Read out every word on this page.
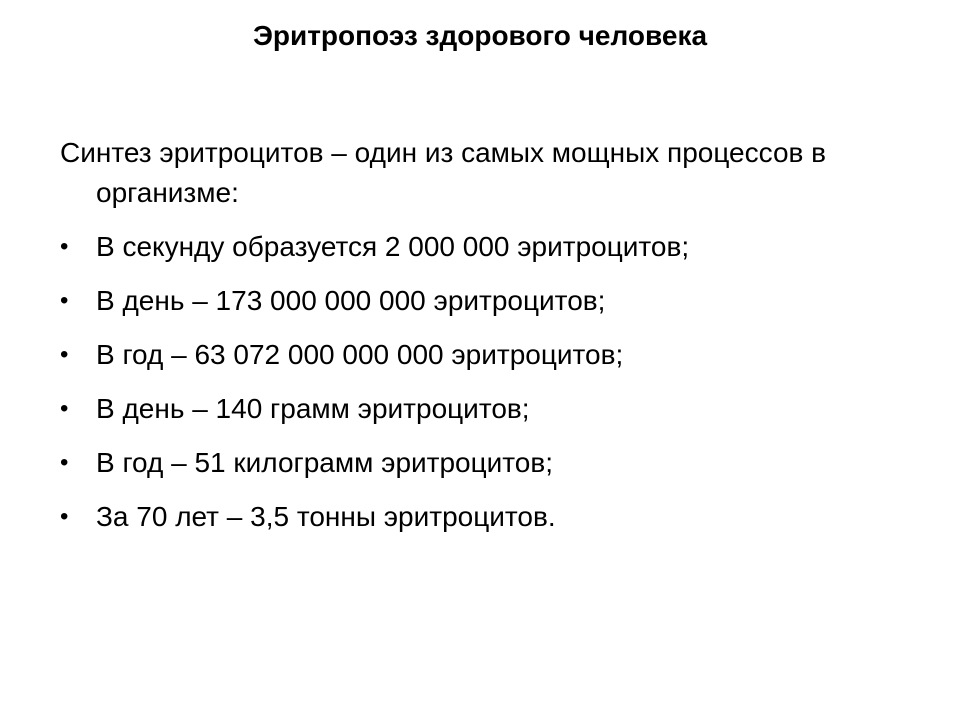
Эритропоэз здорового человека

Синтез эритроцитов – один из самых мощных процессов в организме:

• В секунду образуется 2 000 000 эритроцитов;
• В день – 173 000 000 000 эритроцитов;
• В год – 63 072 000 000 000 эритроцитов;
• В день – 140 грамм эритроцитов;
• В год – 51 килограмм эритроцитов;
• За 70 лет – 3,5 тонны эритроцитов.
